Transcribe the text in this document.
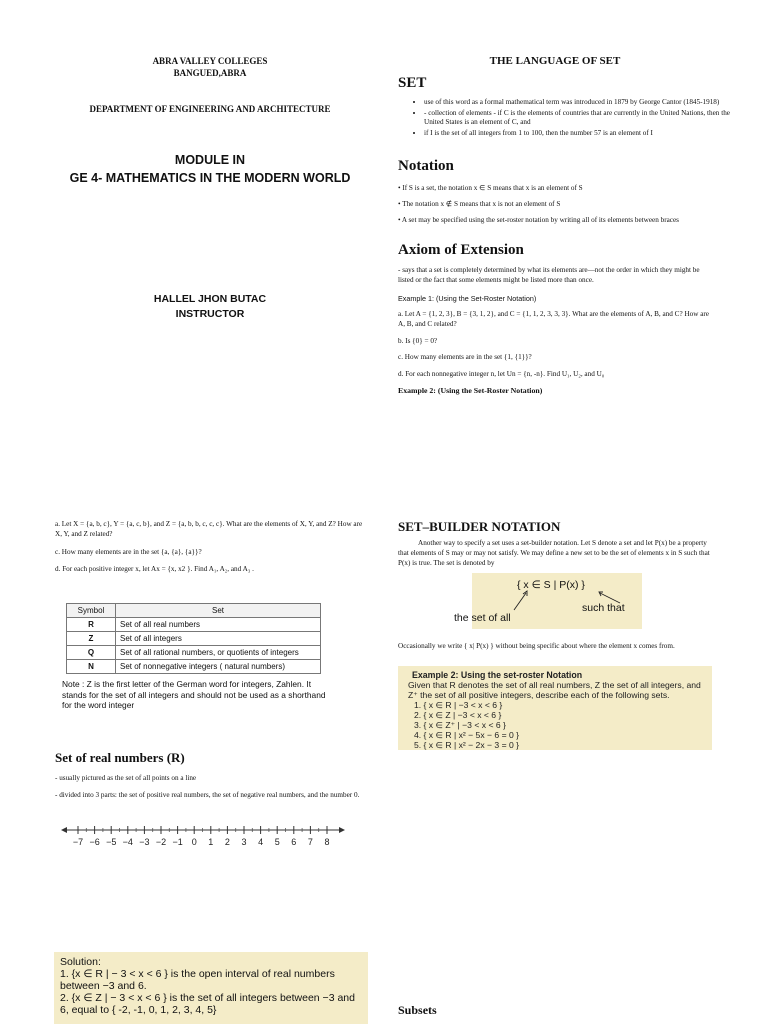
ABRA VALLEY COLLEGES
BANGUED,ABRA
DEPARTMENT OF ENGINEERING AND ARCHITECTURE
MODULE IN
GE 4- MATHEMATICS IN THE MODERN WORLD
HALLEL JHON BUTAC
INSTRUCTOR
THE LANGUAGE OF SET
SET
• use of this word as a formal mathematical term was introduced in 1879 by George Cantor (1845-1918)
• - collection of elements - if C is the elements of countries that are currently in the United Nations, then the United States is an element of C, and
• if I is the set of all integers from 1 to 100, then the number 57 is an element of I
Notation
• If S is a set, the notation x ∈ S means that x is an element of S
• The notation x ∉ S means that x is not an element of S
• A set may be specified using the set-roster notation by writing all of its elements between braces
Axiom of Extension
- says that a set is completely determined by what its elements are—not the order in which they might be listed or the fact that some elements might be listed more than once.
Example 1: (Using the Set-Roster Notation)
a. Let A = {1, 2, 3}, B = {3, 1, 2}, and C = {1, 1, 2, 3, 3, 3}. What are the elements of A, B, and C? How are A, B, and C related?
b. Is {0} = 0?
c. How many elements are in the set {1, {1}}?
d. For each nonnegative integer n, let Un = {n, -n}. Find U₁, U₂, and U₀
Example 2: (Using the Set-Roster Notation)
a. Let X = {a, b, c}, Y = {a, c, b}, and Z = {a, b, b, c, c, c}. What are the elements of X, Y, and Z? How are X, Y, and Z related?
c. How many elements are in the set {a, {a}, {a}}?
d. For each positive integer x, let Ax = {x, x2 }. Find A₁, A₂, and A₃ .
Symbol	Set
R	Set of all real numbers
Z	Set of all integers
Q	Set of all rational numbers, or quotients of integers
N	Set of nonnegative integers ( natural numbers)
Note : Z is the first letter of the German word for integers, Zahlen. It stands for the set of all integers and should not be used as a shorthand for the word integer
Set of real numbers (R)
- usually pictured as the set of all points on a line
- divided into 3 parts: the set of positive real numbers, the set of negative real numbers, and the number 0.
−7 −6 −5 −4 −3 −2 −1 0 1 2 3 4 5 6 7 8
Solution:
1. {x ∈ R | − 3 < x < 6 } is the open interval of real numbers between −3 and 6.
2. {x ∈ Z | − 3 < x < 6 } is the set of all integers between −3 and 6, equal to { -2, -1, 0, 1, 2, 3, 4, 5}
SET–BUILDER NOTATION
Another way to specify a set uses a set-builder notation. Let S denote a set and let P(x) be a property that elements of S may or may not satisfy. We may define a new set to be the set of elements x in S such that P(x) is true. The set is denoted by
{ x ∈ S | P(x) }
the set of all
such that
Occasionally we write { x| P(x) } without being specific about where the element x comes from.
Example 2: Using the set-roster Notation
Given that R denotes the set of all real numbers, Z the set of all integers, and Z⁺ the set of all positive integers, describe each of the following sets.
1. { x ∈ R | −3 < x < 6 }
2. { x ∈ Z | −3 < x < 6 }
3. { x ∈ Z⁺ | −3 < x < 6 }
4. { x ∈ R | x² − 5x − 6 = 0 }
5. { x ∈ R | x² − 2x − 3 = 0 }
Subsets
